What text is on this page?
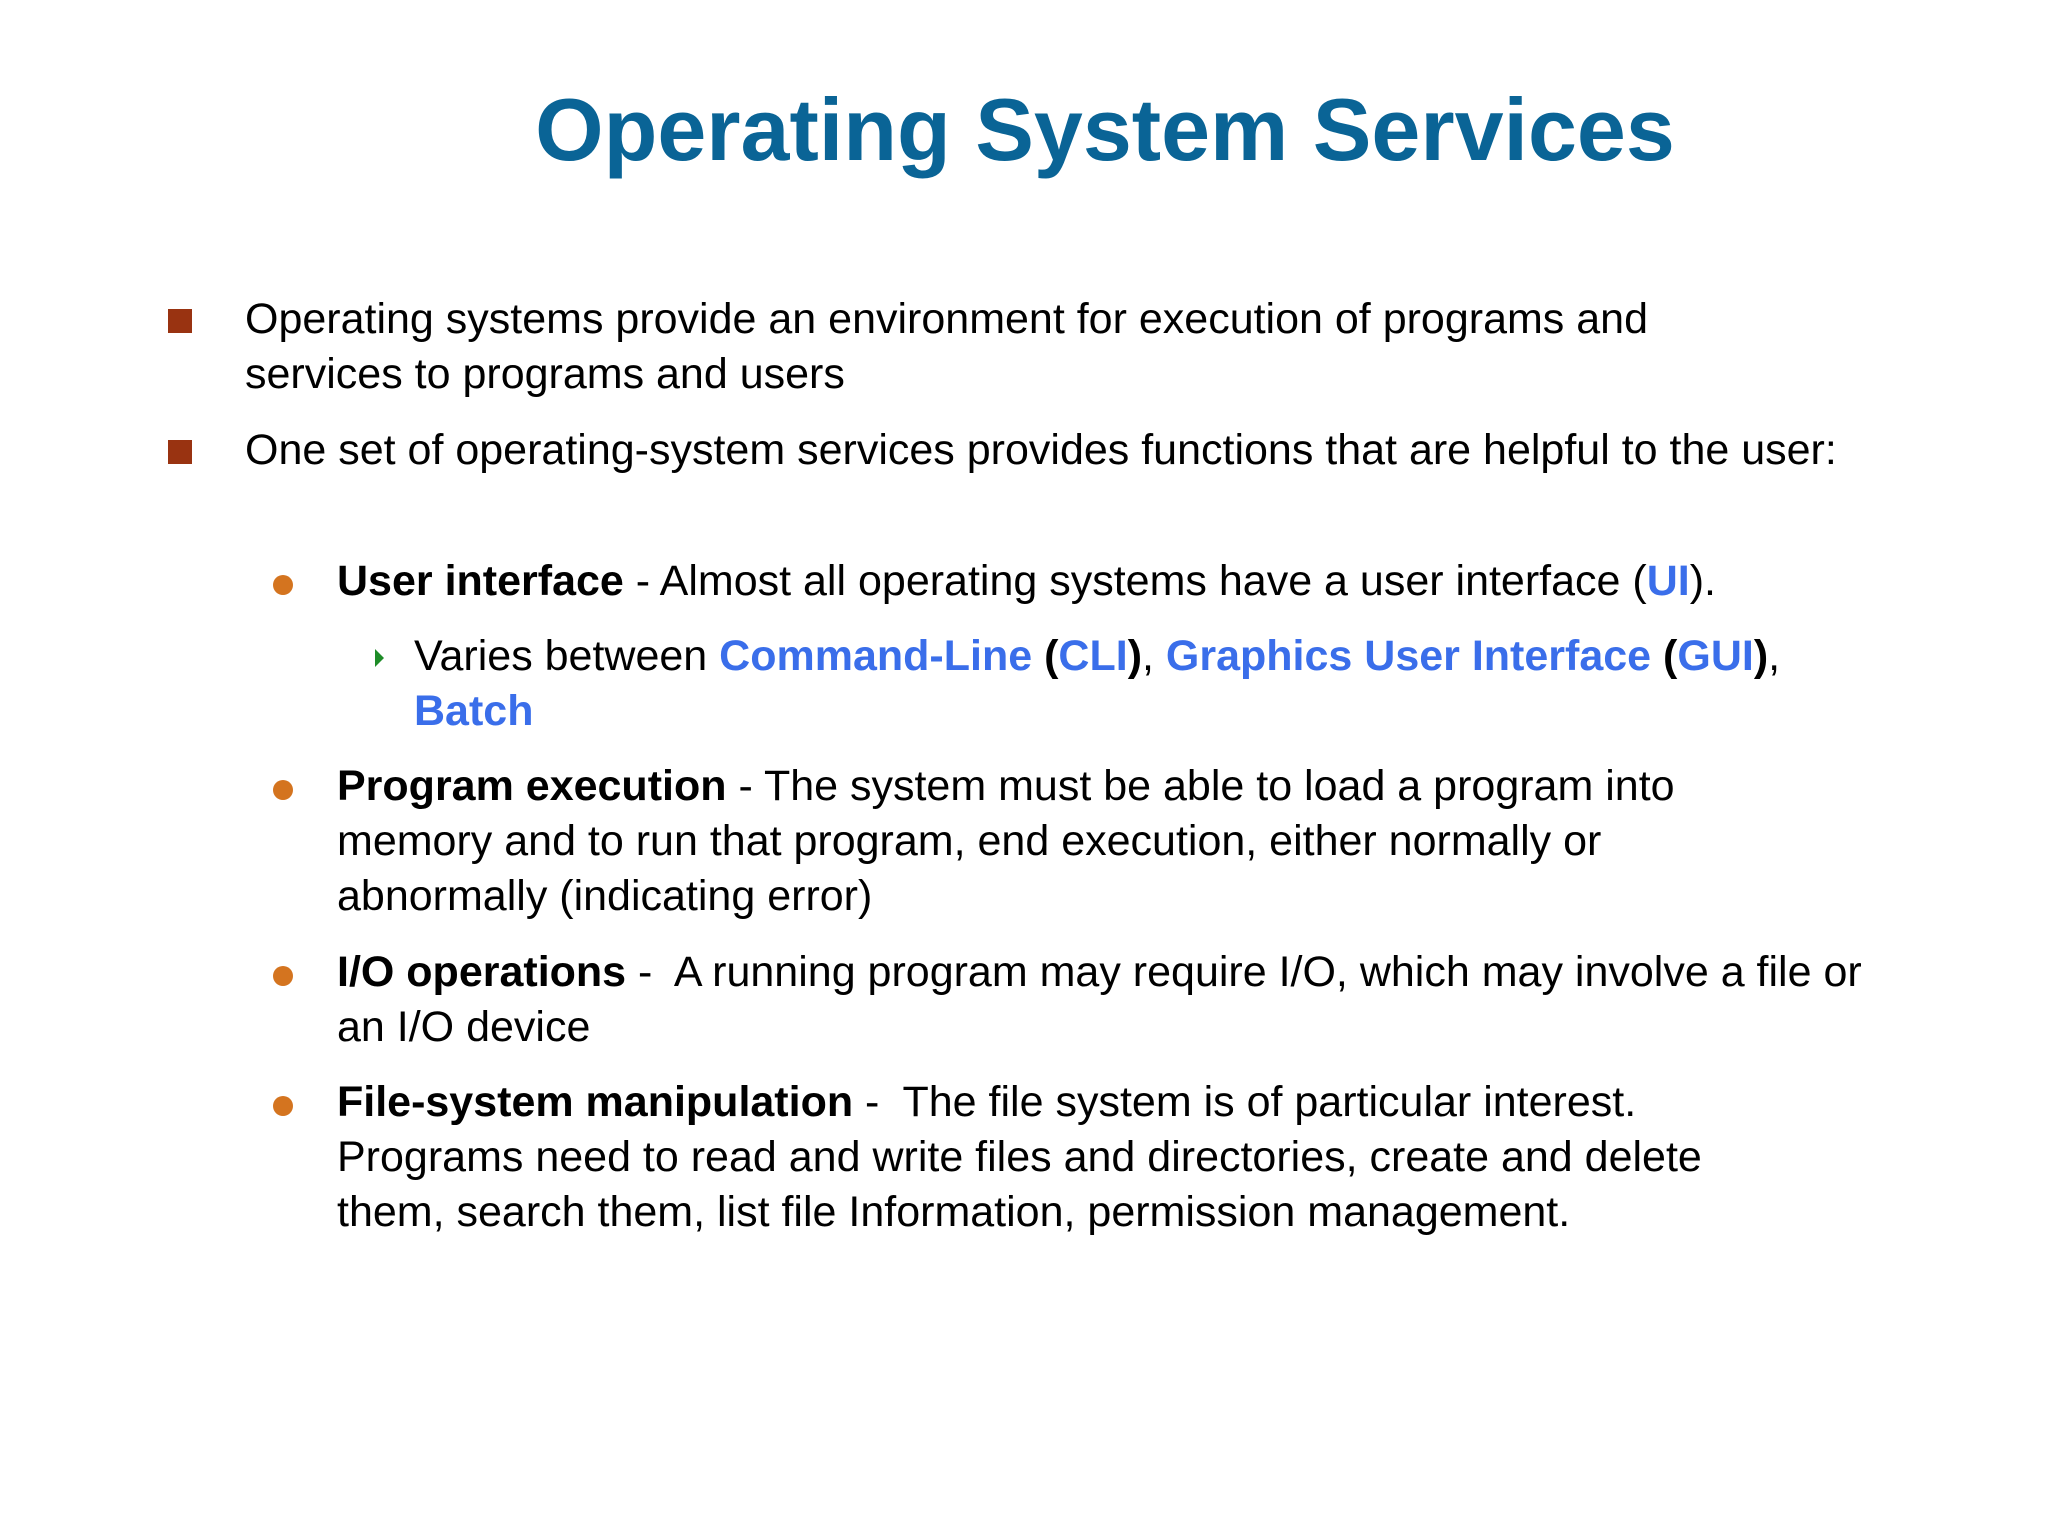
Operating System Services
Operating systems provide an environment for execution of programs and services to programs and users
One set of operating-system services provides functions that are helpful to the user:
User interface - Almost all operating systems have a user interface (UI).
Varies between Command-Line (CLI), Graphics User Interface (GUI),
Batch
Program execution - The system must be able to load a program into memory and to run that program, end execution, either normally or abnormally (indicating error)
I/O operations -  A running program may require I/O, which may involve a file or an I/O device
File-system manipulation -  The file system is of particular interest. Programs need to read and write files and directories, create and delete them, search them, list file Information, permission management.
